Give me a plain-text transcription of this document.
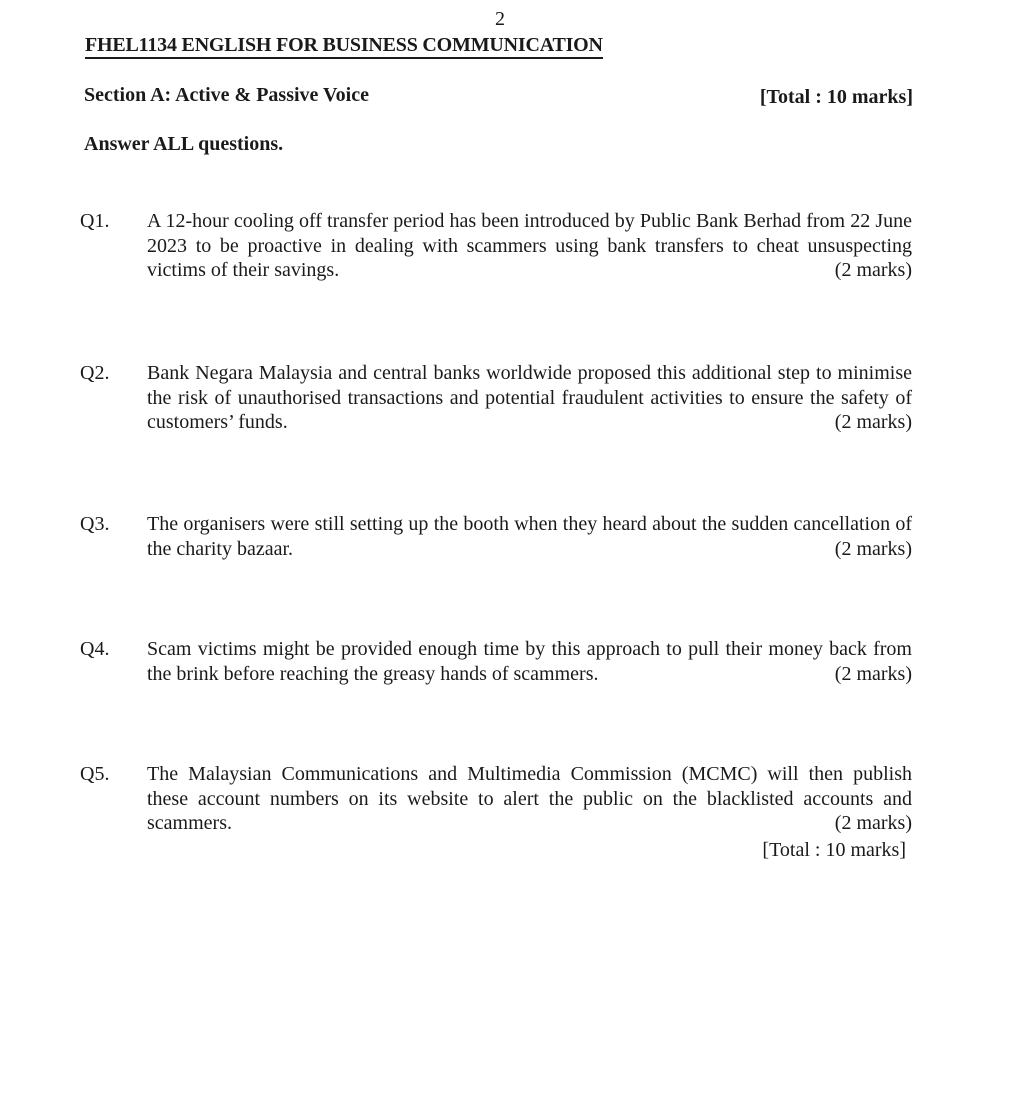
2
FHEL1134 ENGLISH FOR BUSINESS COMMUNICATION
Section A: Active & Passive Voice	[Total : 10 marks]
Answer ALL questions.
Q1. A 12-hour cooling off transfer period has been introduced by Public Bank Berhad from 22 June 2023 to be proactive in dealing with scammers using bank transfers to cheat unsuspecting victims of their savings.	(2 marks)
Q2. Bank Negara Malaysia and central banks worldwide proposed this additional step to minimise the risk of unauthorised transactions and potential fraudulent activities to ensure the safety of customers’ funds.	(2 marks)
Q3. The organisers were still setting up the booth when they heard about the sudden cancellation of the charity bazaar.	(2 marks)
Q4. Scam victims might be provided enough time by this approach to pull their money back from the brink before reaching the greasy hands of scammers.	(2 marks)
Q5. The Malaysian Communications and Multimedia Commission (MCMC) will then publish these account numbers on its website to alert the public on the blacklisted accounts and scammers.	(2 marks)
[Total : 10 marks]
